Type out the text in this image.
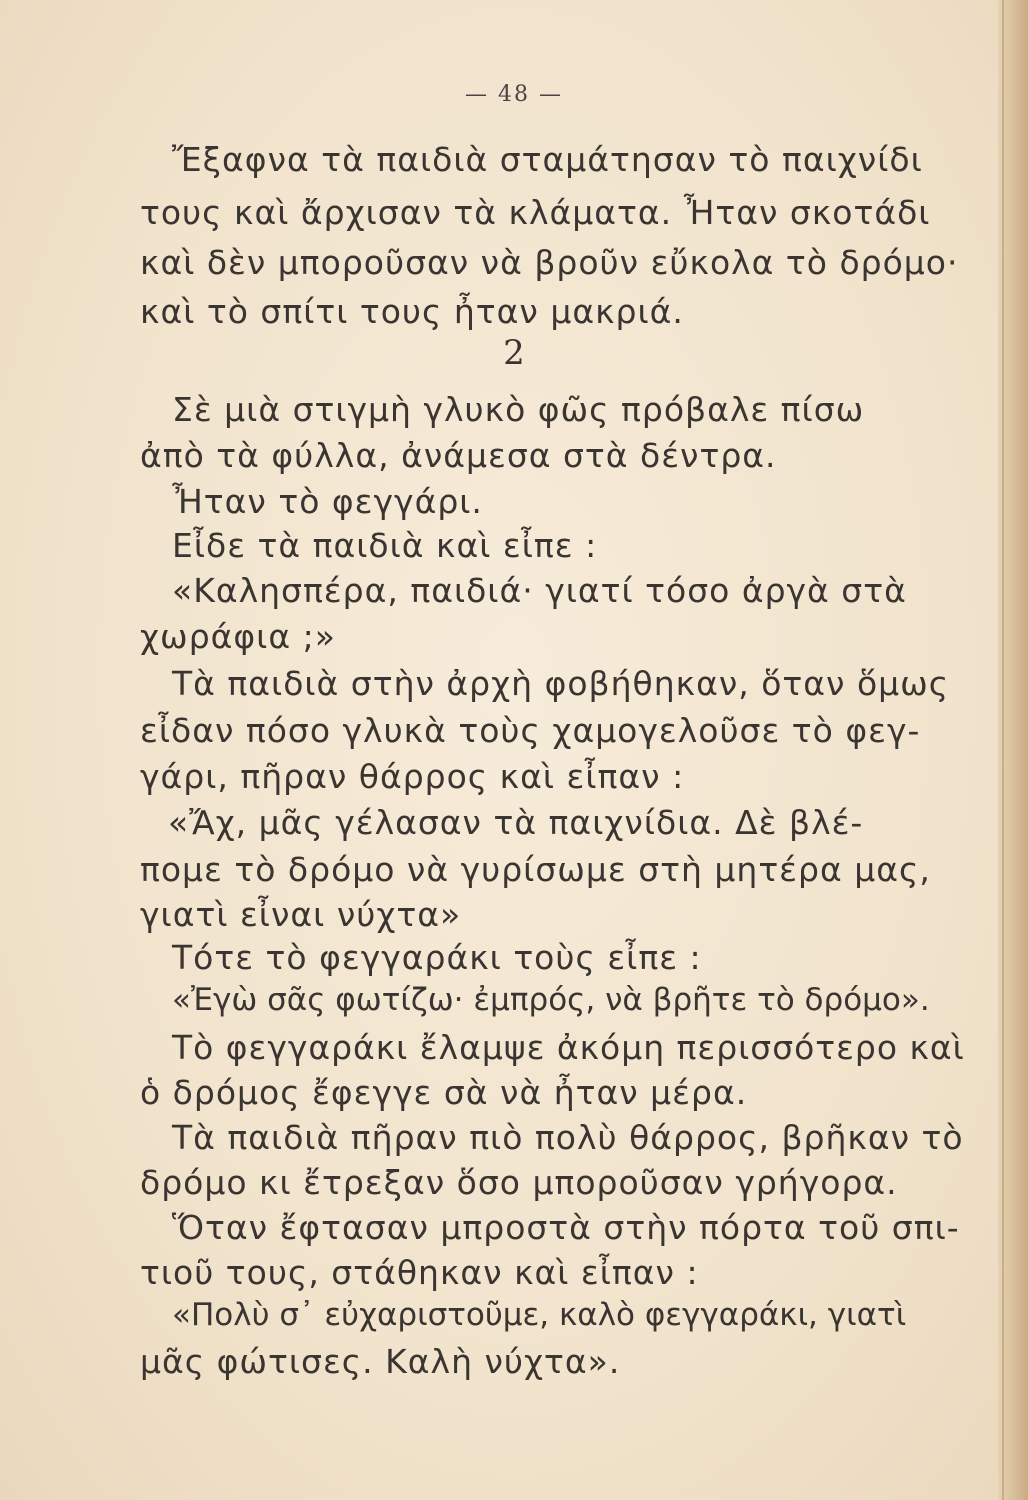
— 48 —
Ἔξαφνα τὰ παιδιὰ σταμάτησαν τὸ παιχνίδι
τους καὶ ἄρχισαν τὰ κλάματα. Ἦταν σκοτάδι
καὶ δὲν μποροῦσαν νὰ βροῦν εὔκολα τὸ δρόμο·
καὶ τὸ σπίτι τους ἦταν μακριά.
2
Σὲ μιὰ στιγμὴ γλυκὸ φῶς πρόβαλε πίσω
ἀπὸ τὰ φύλλα, ἀνάμεσα στὰ δέντρα.
Ἦταν τὸ φεγγάρι.
Εἶδε τὰ παιδιὰ καὶ εἶπε :
«Καλησπέρα, παιδιά· γιατί τόσο ἀργὰ στὰ
χωράφια ;»
Τὰ παιδιὰ στὴν ἀρχὴ φοβήθηκαν, ὅταν ὅμως
εἶδαν πόσο γλυκὰ τοὺς χαμογελοῦσε τὸ φεγ-
γάρι, πῆραν θάρρος καὶ εἶπαν :
«Ἄχ, μᾶς γέλασαν τὰ παιχνίδια. Δὲ βλέ-
πομε τὸ δρόμο νὰ γυρίσωμε στὴ μητέρα μας,
γιατὶ εἶναι νύχτα»
Τότε τὸ φεγγαράκι τοὺς εἶπε :
«Ἐγὼ σᾶς φωτίζω· ἐμπρός, νὰ βρῆτε τὸ δρόμο».
Τὸ φεγγαράκι ἔλαμψε ἀκόμη περισσότερο καὶ
ὁ δρόμος ἔφεγγε σὰ νὰ ἦταν μέρα.
Τὰ παιδιὰ πῆραν πιὸ πολὺ θάρρος, βρῆκαν τὸ
δρόμο κι ἔτρεξαν ὅσο μποροῦσαν γρήγορα.
Ὅταν ἔφτασαν μπροστὰ στὴν πόρτα τοῦ σπι-
τιοῦ τους, στάθηκαν καὶ εἶπαν :
«Πολὺ σ᾽ εὐχαριστοῦμε, καλὸ φεγγαράκι, γιατὶ
μᾶς φώτισες. Καλὴ νύχτα».
